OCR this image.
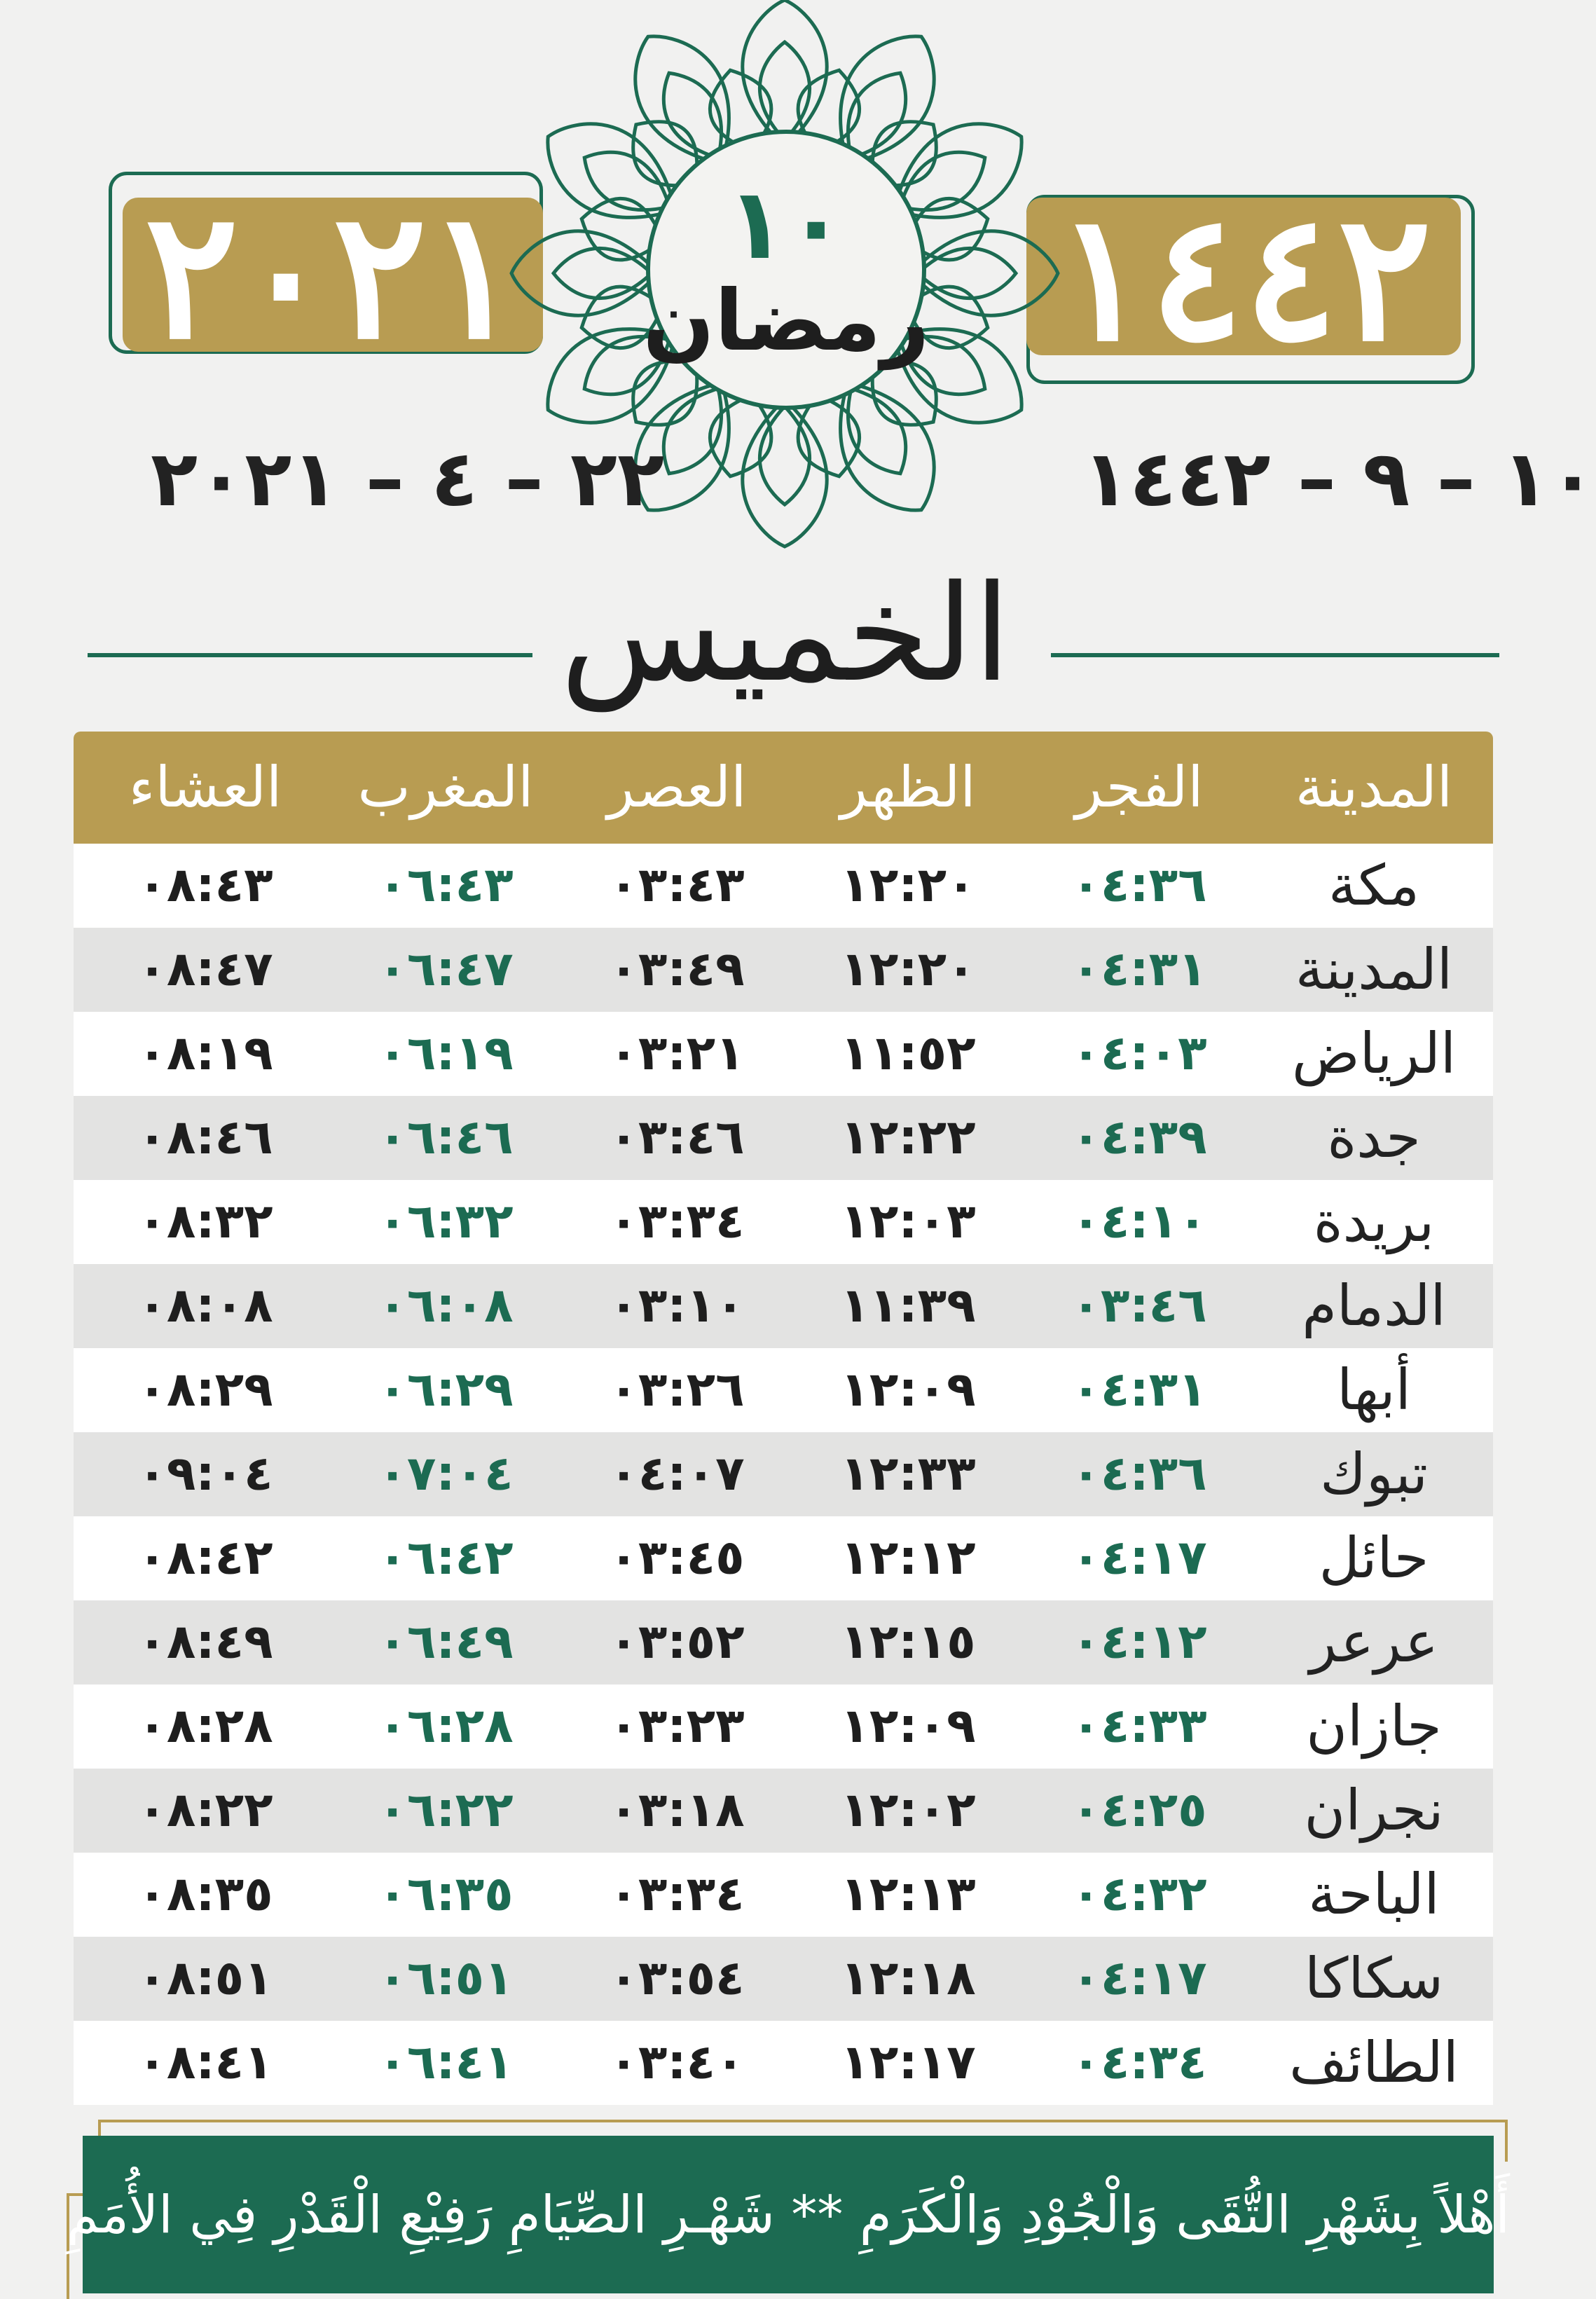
٢٠٢١	١٤٤٢
١٠
رمضان
٢٢ – ٤ – ٢٠٢١	١٠ – ٩ – ١٤٤٢
الخميس
المدينة
الفجر
الظهر
العصر
المغرب
العشاء
مكة
٠٤:٣٦
١٢:٢٠
٠٣:٤٣
٠٦:٤٣
٠٨:٤٣
المدينة
٠٤:٣١
١٢:٢٠
٠٣:٤٩
٠٦:٤٧
٠٨:٤٧
الرياض
٠٤:٠٣
١١:٥٢
٠٣:٢١
٠٦:١٩
٠٨:١٩
جدة
٠٤:٣٩
١٢:٢٢
٠٣:٤٦
٠٦:٤٦
٠٨:٤٦
بريدة
٠٤:١٠
١٢:٠٣
٠٣:٣٤
٠٦:٣٢
٠٨:٣٢
الدمام
٠٣:٤٦
١١:٣٩
٠٣:١٠
٠٦:٠٨
٠٨:٠٨
أبها
٠٤:٣١
١٢:٠٩
٠٣:٢٦
٠٦:٢٩
٠٨:٢٩
تبوك
٠٤:٣٦
١٢:٣٣
٠٤:٠٧
٠٧:٠٤
٠٩:٠٤
حائل
٠٤:١٧
١٢:١٢
٠٣:٤٥
٠٦:٤٢
٠٨:٤٢
عرعر
٠٤:١٢
١٢:١٥
٠٣:٥٢
٠٦:٤٩
٠٨:٤٩
جازان
٠٤:٣٣
١٢:٠٩
٠٣:٢٣
٠٦:٢٨
٠٨:٢٨
نجران
٠٤:٢٥
١٢:٠٢
٠٣:١٨
٠٦:٢٢
٠٨:٢٢
الباحة
٠٤:٣٢
١٢:١٣
٠٣:٣٤
٠٦:٣٥
٠٨:٣٥
سكاكا
٠٤:١٧
١٢:١٨
٠٣:٥٤
٠٦:٥١
٠٨:٥١
الطائف
٠٤:٣٤
١٢:١٧
٠٣:٤٠
٠٦:٤١
٠٨:٤١
أَهْلاً بِشَهْرِ التُّقَى وَالْجُوْدِ وَالْكَرَمِ ** شَهْـرِ الصِّيَامِ رَفِيْعِ الْقَدْرِ فِي الأُمَمِ
